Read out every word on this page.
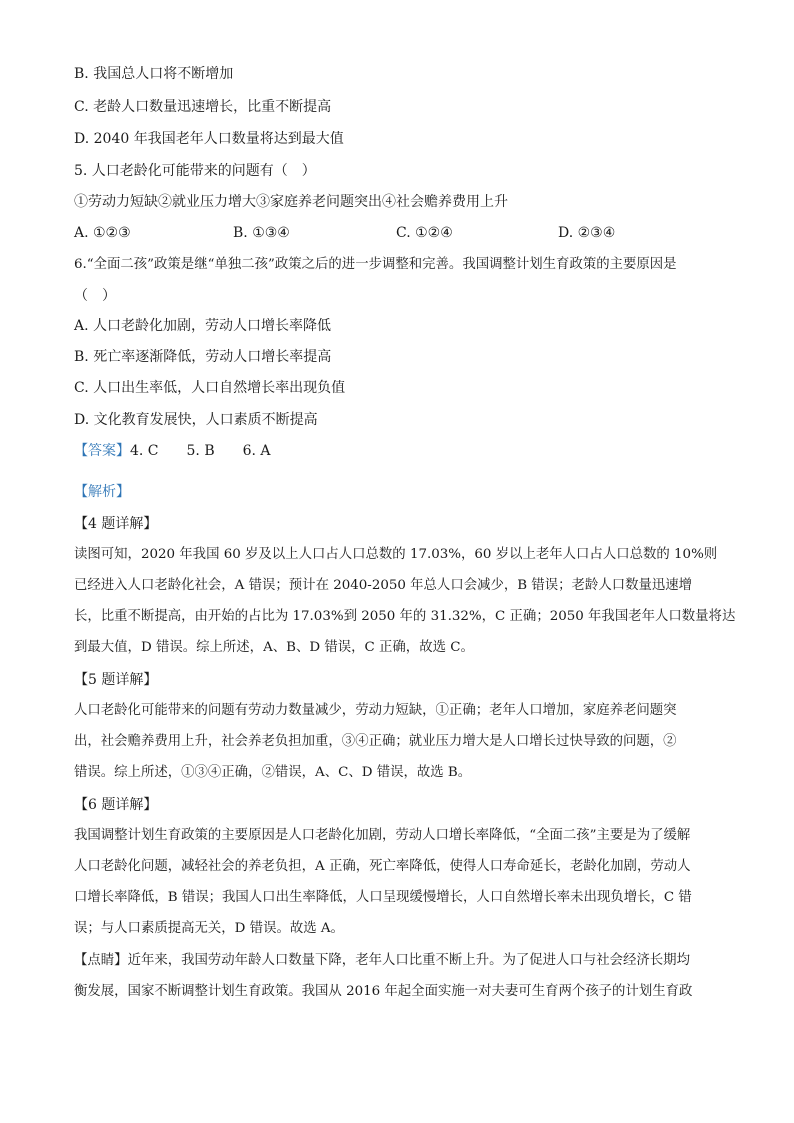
B. 我国总人口将不断增加
C. 老龄人口数量迅速增长，比重不断提高
D. 2040 年我国老年人口数量将达到最大值
5. 人口老龄化可能带来的问题有（　）
①劳动力短缺②就业压力增大③家庭养老问题突出④社会赡养费用上升
A. ①②③	B. ①③④	C. ①②④	D. ②③④
6.“全面二孩”政策是继“单独二孩”政策之后的进一步调整和完善。我国调整计划生育政策的主要原因是
（　）
A. 人口老龄化加剧，劳动人口增长率降低
B. 死亡率逐渐降低，劳动人口增长率提高
C. 人口出生率低，人口自然增长率出现负值
D. 文化教育发展快，人口素质不断提高
【答案】4. C　　5. B　　6. A
【解析】
【4 题详解】
读图可知，2020 年我国 60 岁及以上人口占人口总数的 17.03%，60 岁以上老年人口占人口总数的 10%则
已经进入人口老龄化社会，A 错误；预计在 2040-2050 年总人口会减少，B 错误；老龄人口数量迅速增
长，比重不断提高，由开始的占比为 17.03%到 2050 年的 31.32%，C 正确；2050 年我国老年人口数量将达
到最大值，D 错误。综上所述，A、B、D 错误，C 正确，故选 C。
【5 题详解】
人口老龄化可能带来的问题有劳动力数量减少，劳动力短缺，①正确；老年人口增加，家庭养老问题突
出，社会赡养费用上升，社会养老负担加重，③④正确；就业压力增大是人口增长过快导致的问题，②
错误。综上所述，①③④正确，②错误，A、C、D 错误，故选 B。
【6 题详解】
我国调整计划生育政策的主要原因是人口老龄化加剧，劳动人口增长率降低，“全面二孩”主要是为了缓解
人口老龄化问题，减轻社会的养老负担，A 正确，死亡率降低，使得人口寿命延长，老龄化加剧，劳动人
口增长率降低，B 错误；我国人口出生率降低，人口呈现缓慢增长，人口自然增长率未出现负增长，C 错
误；与人口素质提高无关，D 错误。故选 A。
【点睛】近年来，我国劳动年龄人口数量下降，老年人口比重不断上升。为了促进人口与社会经济长期均
衡发展，国家不断调整计划生育政策。我国从 2016 年起全面实施一对夫妻可生育两个孩子的计划生育政
